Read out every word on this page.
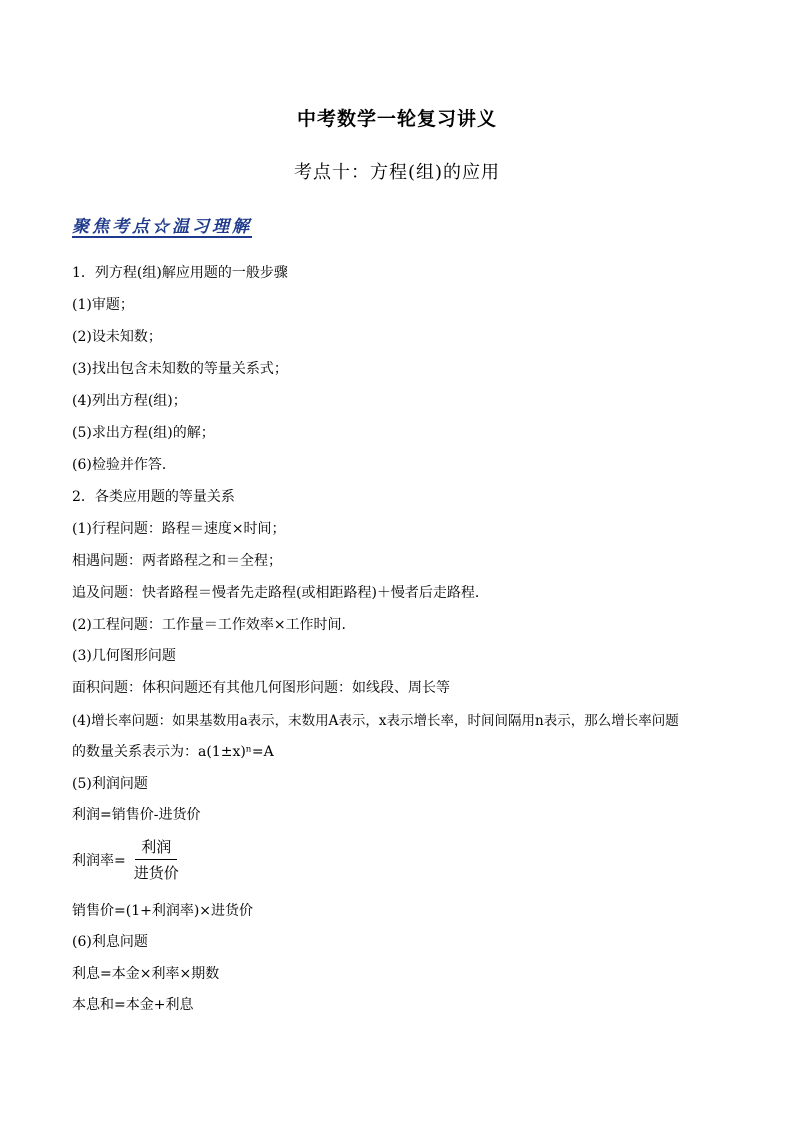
中考数学一轮复习讲义
考点十：方程(组)的应用
聚焦考点☆温习理解
1．列方程(组)解应用题的一般步骤
(1)审题；
(2)设未知数；
(3)找出包含未知数的等量关系式；
(4)列出方程(组)；
(5)求出方程(组)的解；
(6)检验并作答．
2．各类应用题的等量关系
(1)行程问题：路程＝速度×时间；
相遇问题：两者路程之和＝全程；
追及问题：快者路程＝慢者先走路程(或相距路程)＋慢者后走路程．
(2)工程问题：工作量＝工作效率×工作时间．
(3)几何图形问题
面积问题：体积问题还有其他几何图形问题：如线段、周长等
(4)增长率问题：如果基数用a表示，末数用A表示，x表示增长率，时间间隔用n表示，那么增长率问题
的数量关系表示为：a(1±x)ⁿ=A
(5)利润问题
利润=销售价-进货价
利润率= $\frac{\text{利润}}{\text{进货价}}$
销售价=(1+利润率)×进货价
(6)利息问题
利息=本金×利率×期数
本息和=本金+利息
